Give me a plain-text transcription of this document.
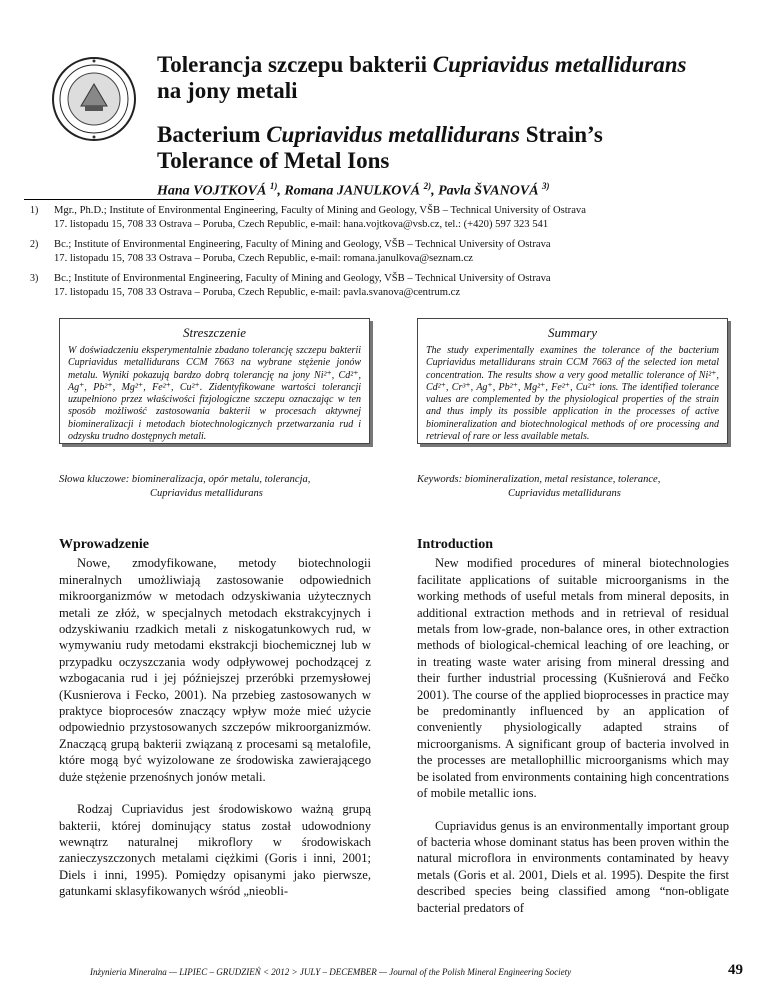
Tolerancja szczepu bakterii Cupriavidus metallidurans
na jony metali
Bacterium Cupriavidus metallidurans Strain’s
Tolerance of Metal Ions
Hana VOJTKOVÁ $^{1)}$, Romana JANULKOVÁ $^{2)}$, Pavla ŠVANOVÁ $^{3)}$
1) Mgr., Ph.D.; Institute of Environmental Engineering, Faculty of Mining and Geology, VŠB – Technical University of Ostrava
17. listopadu 15, 708 33 Ostrava – Poruba, Czech Republic, e-mail: hana.vojtkova@vsb.cz, tel.: (+420) 597 323 541
2) Bc.; Institute of Environmental Engineering, Faculty of Mining and Geology, VŠB – Technical University of Ostrava
17. listopadu 15, 708 33 Ostrava – Poruba, Czech Republic, e-mail: romana.janulkova@seznam.cz
3) Bc.; Institute of Environmental Engineering, Faculty of Mining and Geology, VŠB – Technical University of Ostrava
17. listopadu 15, 708 33 Ostrava – Poruba, Czech Republic, e-mail: pavla.svanova@centrum.cz
Streszczenie
W doświadczeniu eksperymentalnie zbadano tolerancję szczepu bakterii Cupriavidus metallidurans CCM 7663 na wybrane stężenie jonów metalu. Wyniki pokazują bardzo dobrą tolerancję na jony Ni²⁺, Cd²⁺, Ag⁺, Pb²⁺, Mg²⁺, Fe²⁺, Cu²⁺. Zidentyfikowane wartości tolerancji uzupełniono przez właściwości fizjologiczne szczepu oznaczając w ten sposób możliwość zastosowania bakterii w procesach aktywnej biomineralizacji i metodach biotechnologicznych przetwarzania rud i odzysku trudno dostępnych metali.
Summary
The study experimentally examines the tolerance of the bacterium Cupriavidus metallidurans strain CCM 7663 of the selected ion metal concentration. The results show a very good metallic tolerance of Ni²⁺, Cd²⁺, Cr³⁺, Ag⁺, Pb²⁺, Mg²⁺, Fe²⁺, Cu²⁺ ions. The identified tolerance values are complemented by the physiological properties of the strain and thus imply its possible application in the processes of active biomineralization and biotechnological methods of ore processing and retrieval of rare or less available metals.
Słowa kluczowe: biomineralizacja, opór metalu, tolerancja,
Cupriavidus metallidurans
Keywords: biomineralization, metal resistance, tolerance,
Cupriavidus metallidurans
Wprowadzenie

Nowe, zmodyfikowane, metody biotechnologii mineralnych umożliwiają zastosowanie odpowiednich mikroorganizmów w metodach odzyskiwania użytecznych metali ze złóż, w specjalnych metodach ekstrakcyjnych i odzyskiwaniu rzadkich metali z niskogatunkowych rud, w wymywaniu rudy metodami ekstrakcji biochemicznej lub w przypadku oczyszczania wody odpływowej pochodzącej z wzbogacania rud i jej późniejszej przeróbki przemysłowej (Kusnierova i Fecko, 2001). Na przebieg zastosowanych w praktyce bioprocesów znaczący wpływ może mieć użycie odpowiednio przystosowanych szczepów mikroorganizmów. Znaczącą grupą bakterii związaną z procesami są metalofile, które mogą być wyizolowane ze środowiska zawierającego duże stężenie przenośnych jonów metali.

Rodzaj Cupriavidus jest środowiskowo ważną grupą bakterii, której dominujący status został udowodniony wewnątrz naturalnej mikroflory w środowiskach zanieczyszczonych metalami ciężkimi (Goris i inni, 2001; Diels i inni, 1995). Pomiędzy opisanymi jako pierwsze, gatunkami sklasyfikowanych wśród „nieobli-

Introduction

New modified procedures of mineral biotechnologies facilitate applications of suitable microorganisms in the working methods of useful metals from mineral deposits, in additional extraction methods and in retrieval of residual metals from low-grade, non-balance ores, in other extraction methods of biological-chemical leaching of ore leaching, or in treating waste water arising from mineral dressing and their further industrial processing (Kušnierová and Fečko 2001). The course of the applied bioprocesses in practice may be predominantly influenced by an application of conveniently physiologically adapted strains of microorganisms. A significant group of bacteria involved in the processes are metallophillic microorganisms which may be isolated from environments containing high concentrations of mobile metallic ions.

Cupriavidus genus is an environmentally important group of bacteria whose dominant status has been proven within the natural microflora in environments contaminated by heavy metals (Goris et al. 2001, Diels et al. 1995). Despite the first described species being classified among “non-obligate bacterial predators of

Inżynieria Mineralna — LIPIEC – GRUDZIEŃ < 2012 > JULY – DECEMBER — Journal of the Polish Mineral Engineering Society	49
